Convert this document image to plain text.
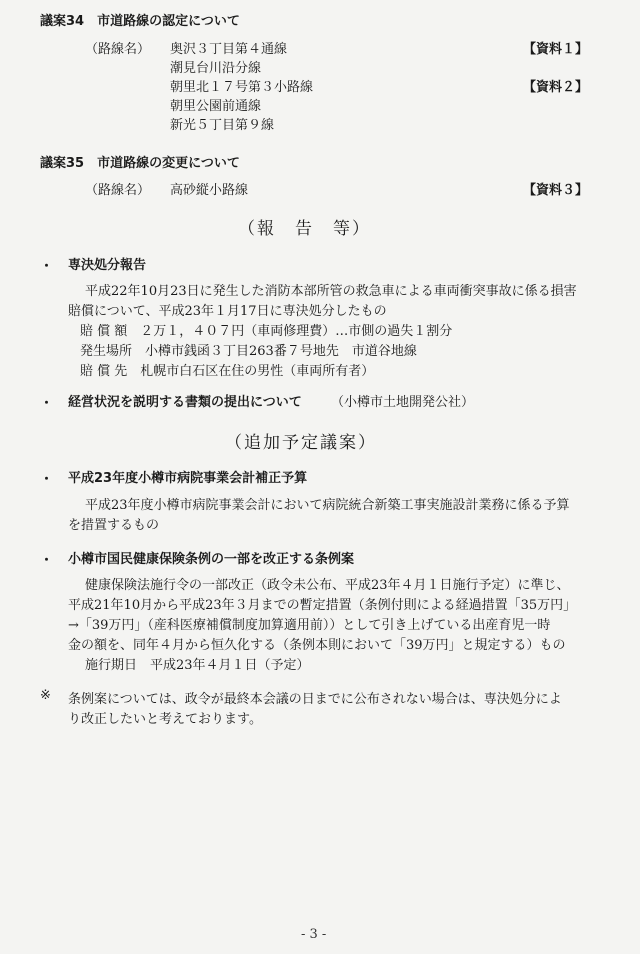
議案34　市道路線の認定について
（路線名） 奥沢３丁目第４通線
潮見台川沿分線
朝里北１７号第３小路線
朝里公園前通線
新光５丁目第９線
【資料１】
【資料２】
議案35　市道路線の変更について
（路線名） 高砂縦小路線	【資料３】
（報　告　等）
・ 専決処分報告
平成22年10月23日に発生した消防本部所管の救急車による車両衝突事故に係る損害
賠償について、平成23年１月17日に専決処分したもの
賠 償 額　２万１，４０７円（車両修理費）…市側の過失１割分
発生場所　小樽市銭函３丁目263番７号地先　市道谷地線
賠 償 先　札幌市白石区在住の男性（車両所有者）
・ 経営状況を説明する書類の提出について （小樽市土地開発公社）
（追加予定議案）
・ 平成23年度小樽市病院事業会計補正予算
平成23年度小樽市病院事業会計において病院統合新築工事実施設計業務に係る予算
を措置するもの
・ 小樽市国民健康保険条例の一部を改正する条例案
健康保険法施行令の一部改正（政令未公布、平成23年４月１日施行予定）に準じ、
平成21年10月から平成23年３月までの暫定措置（条例付則による経過措置「35万円」
→「39万円」（産科医療補償制度加算適用前））として引き上げている出産育児一時
金の額を、同年４月から恒久化する（条例本則において「39万円」と規定する）もの
施行期日　平成23年４月１日（予定）
※ 条例案については、政令が最終本会議の日までに公布されない場合は、専決処分によ
り改正したいと考えております。
- 3 -
